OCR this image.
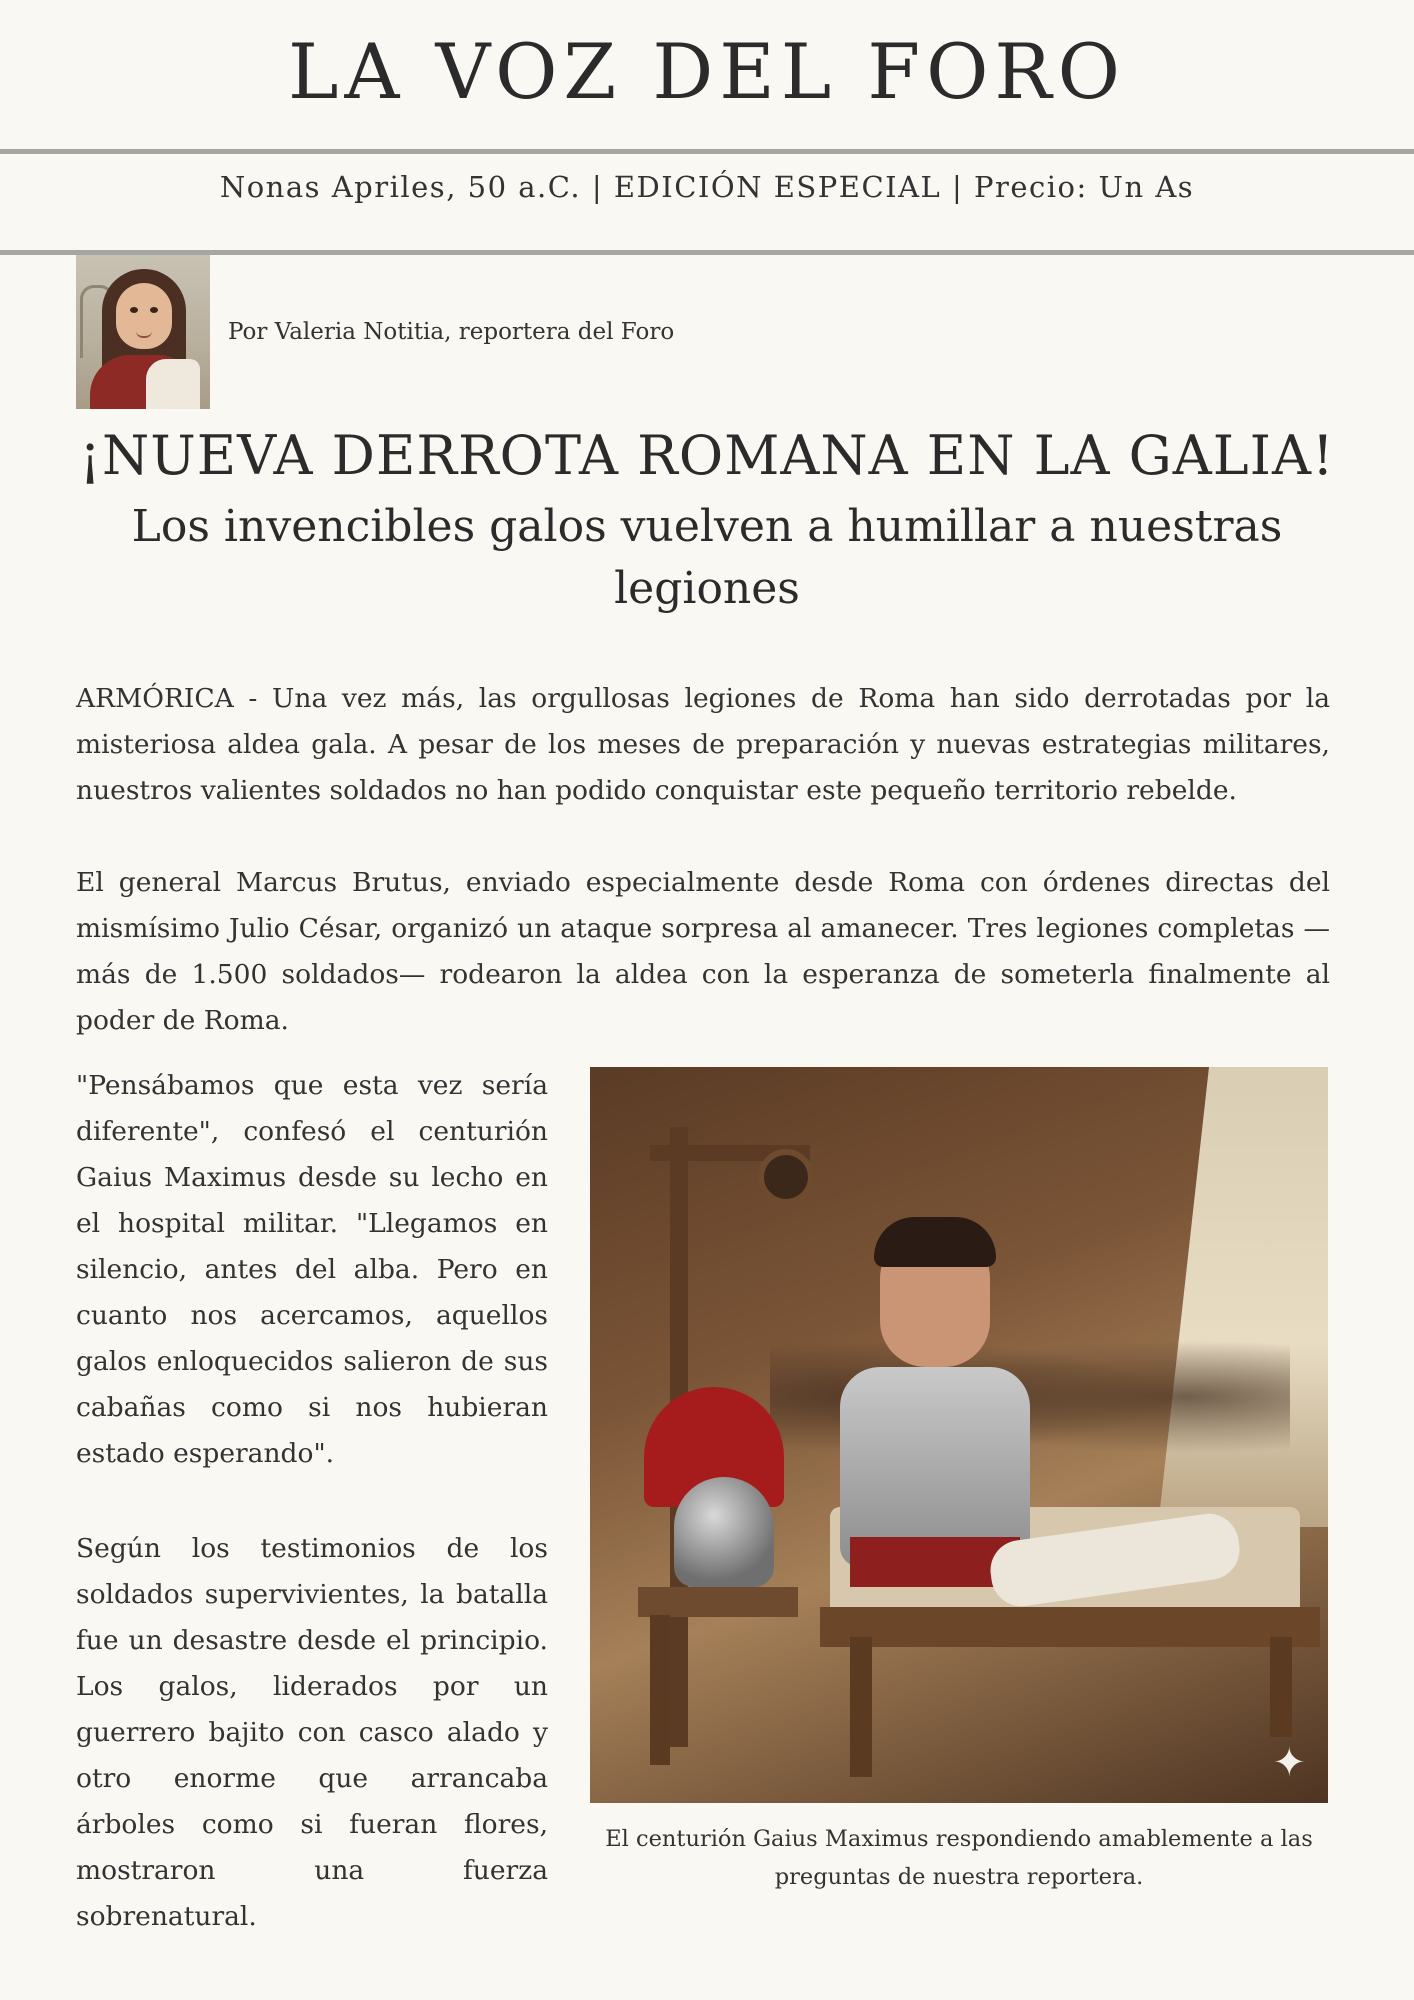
LA VOZ DEL FORO
Nonas Apriles, 50 a.C. | EDICIÓN ESPECIAL | Precio: Un As
Por Valeria Notitia, reportera del Foro
¡NUEVA DERROTA ROMANA EN LA GALIA!
Los invencibles galos vuelven a humillar a nuestras legiones
ARMÓRICA - Una vez más, las orgullosas legiones de Roma han sido derrotadas por la misteriosa aldea gala. A pesar de los meses de preparación y nuevas estrategias militares, nuestros valientes soldados no han podido conquistar este pequeño territorio rebelde.
El general Marcus Brutus, enviado especialmente desde Roma con órdenes directas del mismísimo Julio César, organizó un ataque sorpresa al amanecer. Tres legiones completas —más de 1.500 soldados— rodearon la aldea con la esperanza de someterla finalmente al poder de Roma.
"Pensábamos que esta vez sería diferente", confesó el centurión Gaius Maximus desde su lecho en el hospital militar. "Llegamos en silencio, antes del alba. Pero en cuanto nos acercamos, aquellos galos enloquecidos salieron de sus cabañas como si nos hubieran estado esperando".
Según los testimonios de los soldados supervivientes, la batalla fue un desastre desde el principio. Los galos, liderados por un guerrero bajito con casco alado y otro enorme que arrancaba árboles como si fueran flores, mostraron una fuerza sobrenatural.
✦
El centurión Gaius Maximus respondiendo amablemente a las preguntas de nuestra reportera.
